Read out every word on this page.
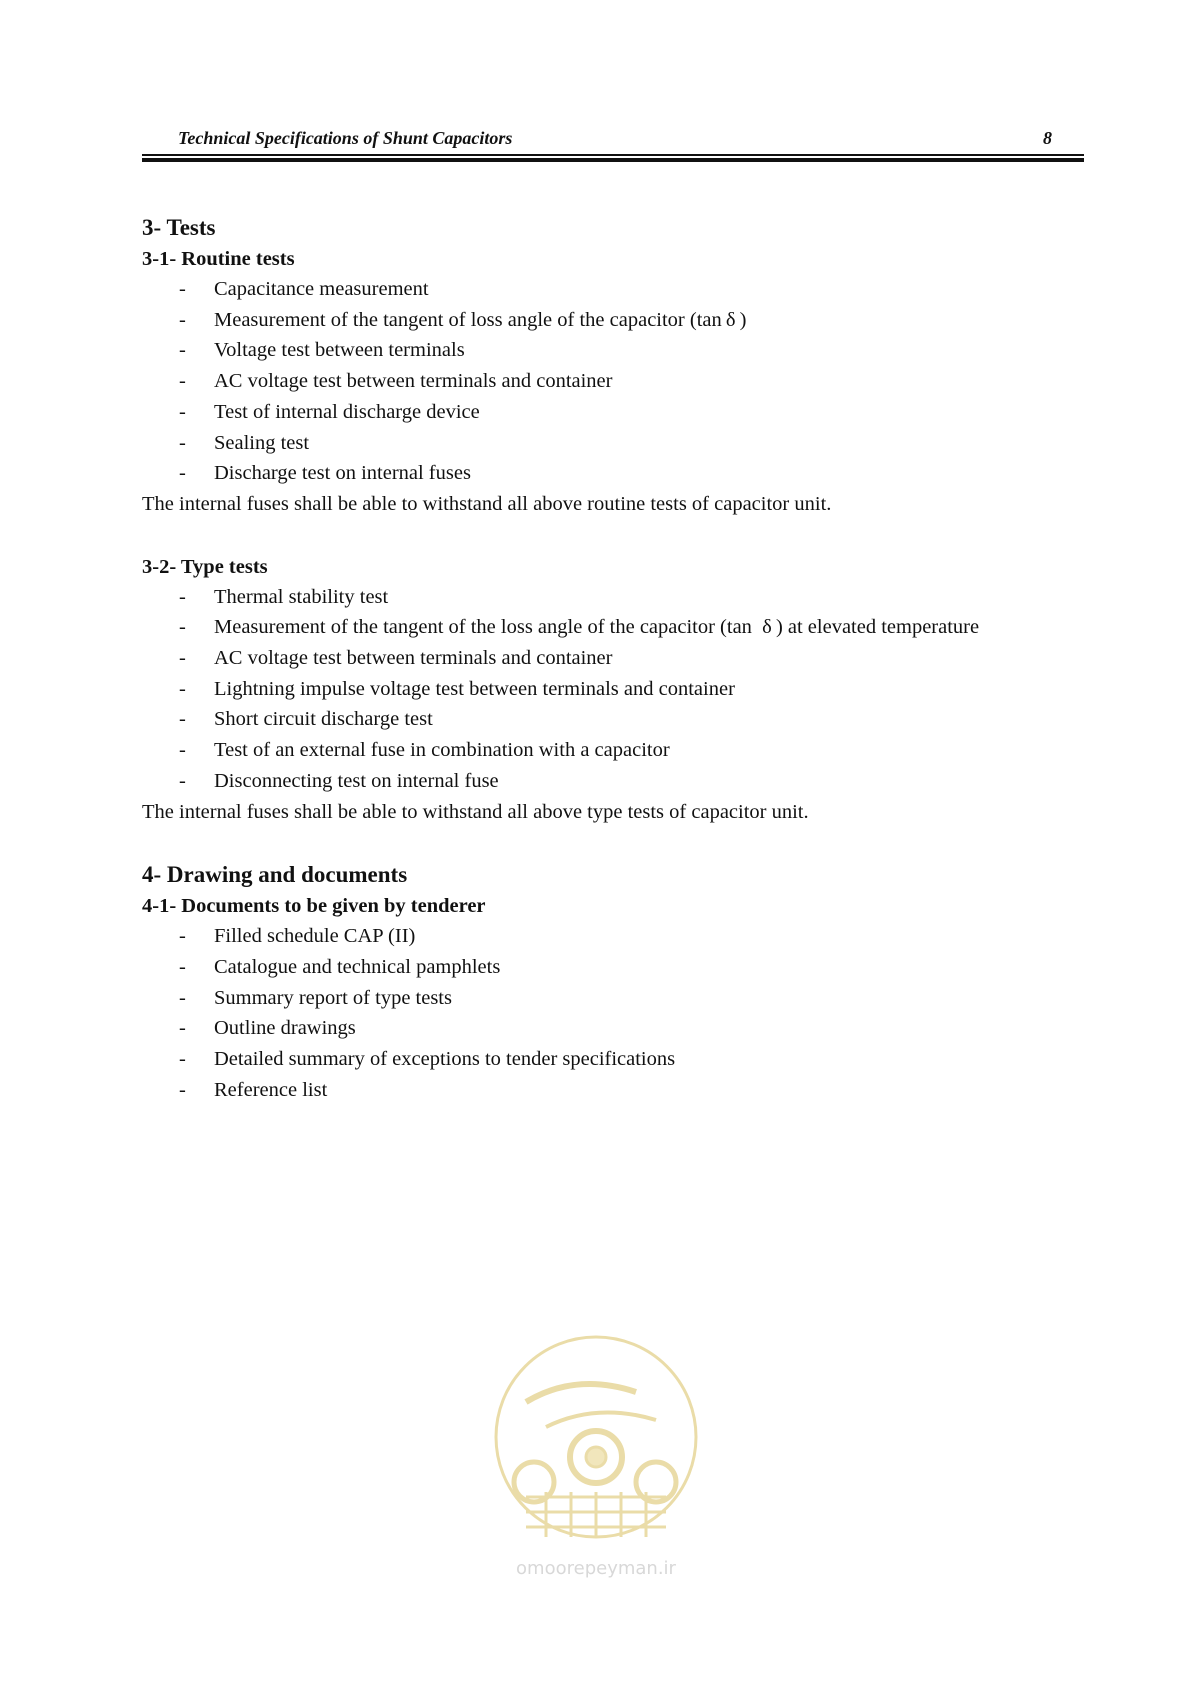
Technical Specifications of Shunt Capacitors	8
3- Tests
3-1- Routine tests
- Capacitance measurement
- Measurement of the tangent of loss angle of the capacitor (tan δ )
- Voltage test between terminals
- AC voltage test between terminals and container
- Test of internal discharge device
- Sealing test
- Discharge test on internal fuses

The internal fuses shall be able to withstand all above routine tests of capacitor unit.

3-2- Type tests
- Thermal stability test
- Measurement of the tangent of the loss angle of the capacitor (tan  δ ) at elevated temperature
- AC voltage test between terminals and container
- Lightning impulse voltage test between terminals and container
- Short circuit discharge test
- Test of an external fuse in combination with a capacitor
- Disconnecting test on internal fuse

The internal fuses shall be able to withstand all above type tests of capacitor unit.

4- Drawing and documents
4-1- Documents to be given by tenderer
- Filled schedule CAP (II)
- Catalogue and technical pamphlets
- Summary report of type tests
- Outline drawings
- Detailed summary of exceptions to tender specifications
- Reference list
omoorepeyman.ir
